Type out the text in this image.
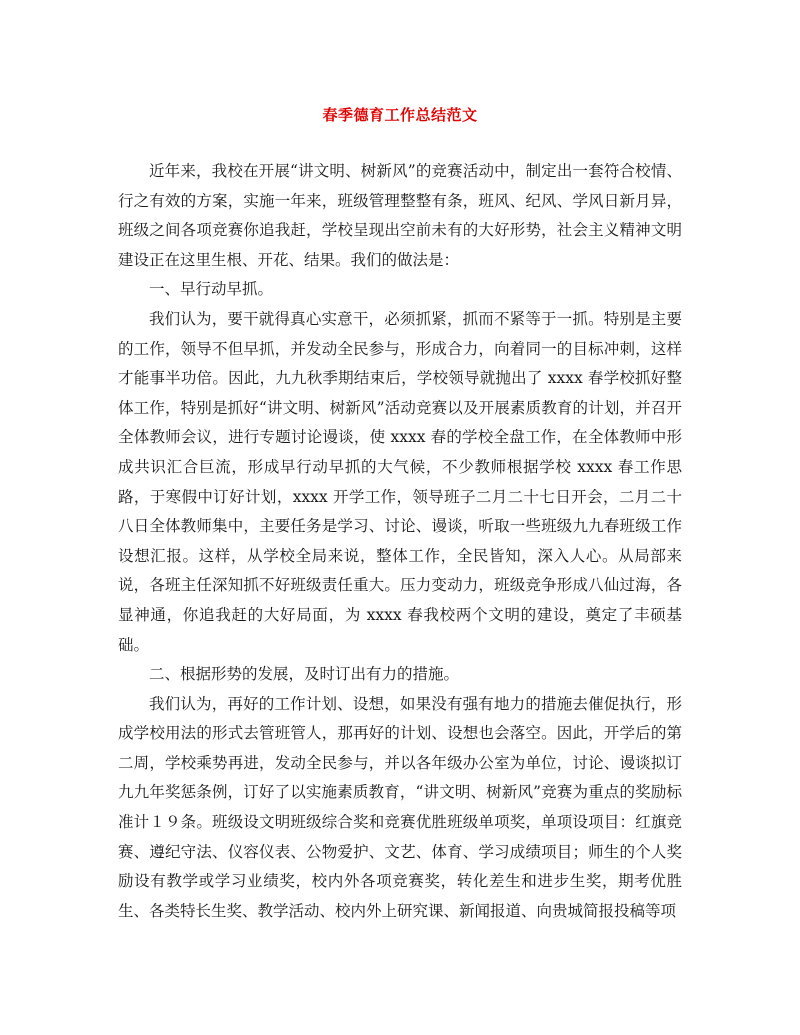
春季德育工作总结范文

近年来，我校在开展“讲文明、树新风”的竞赛活动中，制定出一套符合校情、行之有效的方案，实施一年来，班级管理整整有条，班风、纪风、学风日新月异，班级之间各项竞赛你追我赶，学校呈现出空前未有的大好形势，社会主义精神文明建设正在这里生根、开花、结果。我们的做法是：

一、早行动早抓。

我们认为，要干就得真心实意干，必须抓紧，抓而不紧等于一抓。特别是主要的工作，领导不但早抓，并发动全民参与，形成合力，向着同一的目标冲刺，这样才能事半功倍。因此，九九秋季期结束后，学校领导就抛出了 xxxx 春学校抓好整体工作，特别是抓好“讲文明、树新风”活动竞赛以及开展素质教育的计划，并召开全体教师会议，进行专题讨论谩谈，使 xxxx 春的学校全盘工作，在全体教师中形成共识汇合巨流，形成早行动早抓的大气候，不少教师根据学校 xxxx 春工作思路，于寒假中订好计划，xxxx 开学工作，领导班子二月二十七日开会，二月二十八日全体教师集中，主要任务是学习、讨论、谩谈，听取一些班级九九春班级工作设想汇报。这样，从学校全局来说，整体工作，全民皆知，深入人心。从局部来说，各班主任深知抓不好班级责任重大。压力变动力，班级竞争形成八仙过海，各显神通，你追我赶的大好局面，为 xxxx 春我校两个文明的建设，奠定了丰硕基础。

二、根据形势的发展，及时订出有力的措施。

我们认为，再好的工作计划、设想，如果没有强有地力的措施去催促执行，形成学校用法的形式去管班管人，那再好的计划、设想也会落空。因此，开学后的第二周，学校乘势再进，发动全民参与，并以各年级办公室为单位，讨论、谩谈拟订九九年奖惩条例，订好了以实施素质教育，“讲文明、树新风”竞赛为重点的奖励标准计１９条。班级设文明班级综合奖和竞赛优胜班级单项奖，单项设项目：红旗竞赛、遵纪守法、仪容仪表、公物爱护、文艺、体育、学习成绩项目；师生的个人奖励设有教学或学习业绩奖，校内外各项竞赛奖，转化差生和进步生奖，期考优胜生、各类特长生奖、教学活动、校内外上研究课、新闻报道、向贵城简报投稿等项
